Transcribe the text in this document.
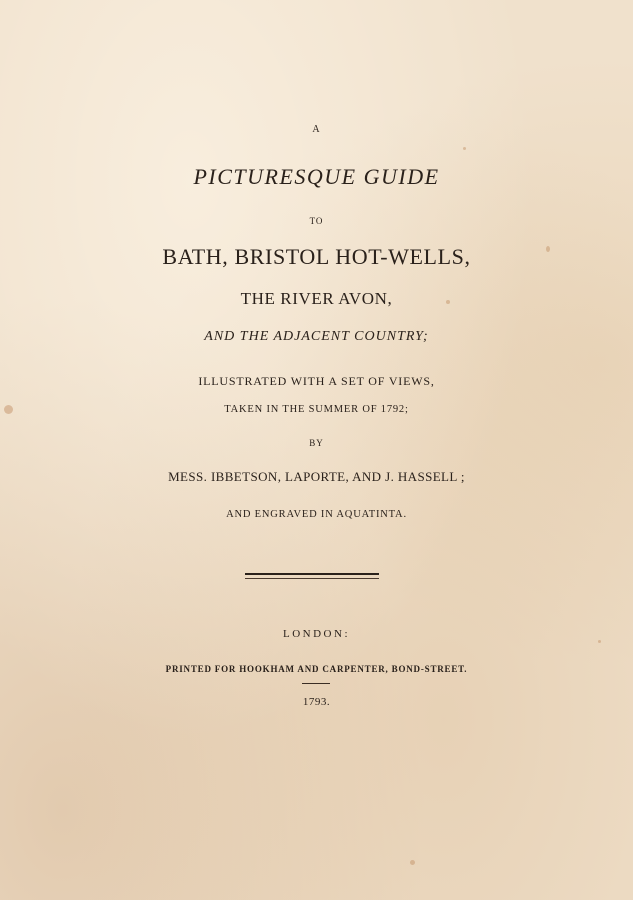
A
PICTURESQUE GUIDE
TO
BATH, BRISTOL HOT-WELLS,
THE RIVER AVON,
AND THE ADJACENT COUNTRY;
ILLUSTRATED WITH A SET OF VIEWS,
TAKEN IN THE SUMMER OF 1792;
BY
MESS. IBBETSON, LAPORTE, AND J. HASSELL ;
AND ENGRAVED IN AQUATINTA.
LONDON:
PRINTED FOR HOOKHAM AND CARPENTER, BOND-STREET.
1793.
